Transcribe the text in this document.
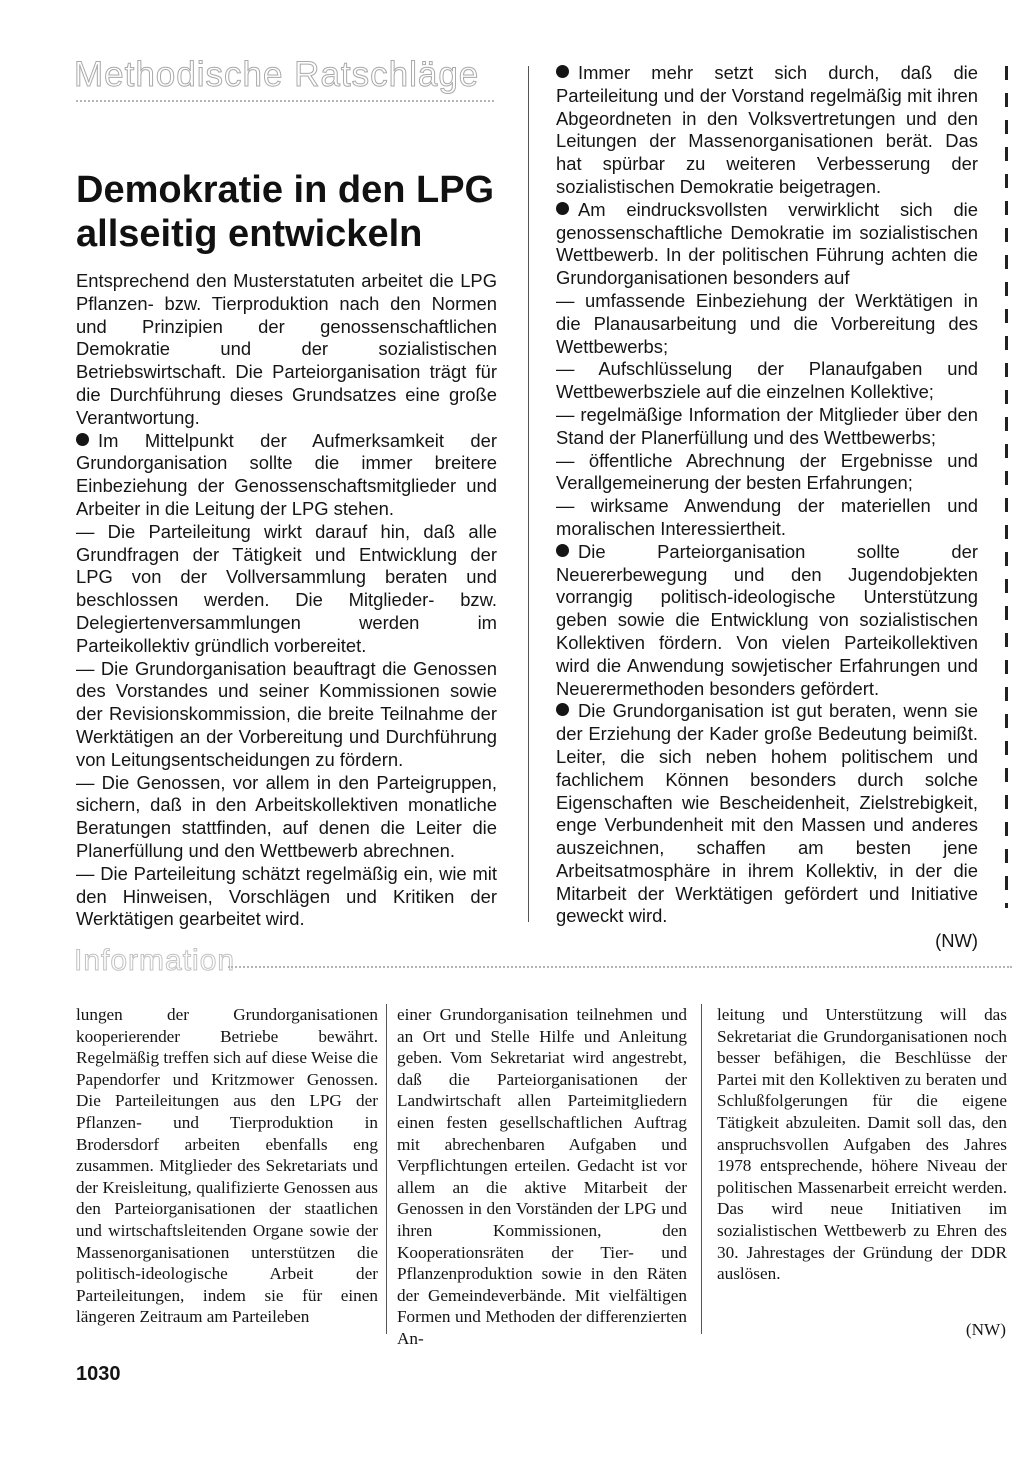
Methodische Ratschläge
Demokratie in den LPG
allseitig entwickeln

Entsprechend den Musterstatuten arbeitet die LPG Pflanzen- bzw. Tierproduktion nach den Normen und Prinzipien der genossenschaftlichen Demokratie und der sozialistischen Betriebswirtschaft. Die Parteiorganisation trägt für die Durchführung dieses Grundsatzes eine große Verantwortung.

Im Mittelpunkt der Aufmerksamkeit der Grundorganisation sollte die immer breitere Einbeziehung der Genossenschaftsmitglieder und Arbeiter in die Leitung der LPG stehen.

— Die Parteileitung wirkt darauf hin, daß alle Grundfragen der Tätigkeit und Entwicklung der LPG von der Vollversammlung beraten und beschlossen werden. Die Mitglieder- bzw. Delegiertenversammlungen werden im Parteikollektiv gründlich vorbereitet.

— Die Grundorganisation beauftragt die Genossen des Vorstandes und seiner Kommissionen sowie der Revisionskommission, die breite Teilnahme der Werktätigen an der Vorbereitung und Durchführung von Leitungsentscheidungen zu fördern.

— Die Genossen, vor allem in den Parteigruppen, sichern, daß in den Arbeitskollektiven monatliche Beratungen stattfinden, auf denen die Leiter die Planerfüllung und den Wettbewerb abrechnen.

— Die Parteileitung schätzt regelmäßig ein, wie mit den Hinweisen, Vorschlägen und Kritiken der Werktätigen gearbeitet wird.

Immer mehr setzt sich durch, daß die Parteileitung und der Vorstand regelmäßig mit ihren Abgeordneten in den Volksvertretungen und den Leitungen der Massenorganisationen berät. Das hat spürbar zu weiteren Verbesserung der sozialistischen Demokratie beigetragen.

Am eindrucksvollsten verwirklicht sich die genossenschaftliche Demokratie im sozialistischen Wettbewerb. In der politischen Führung achten die Grundorganisationen besonders auf

— umfassende Einbeziehung der Werktätigen in die Planausarbeitung und die Vorbereitung des Wettbewerbs;

— Aufschlüsselung der Planaufgaben und Wettbewerbsziele auf die einzelnen Kollektive;

— regelmäßige Information der Mitglieder über den Stand der Planerfüllung und des Wettbewerbs;

— öffentliche Abrechnung der Ergebnisse und Verallgemeinerung der besten Erfahrungen;

— wirksame Anwendung der materiellen und moralischen Interessiertheit.

Die Parteiorganisation sollte der Neuererbewegung und den Jugendobjekten vorrangig politisch-ideologische Unterstützung geben sowie die Entwicklung von sozialistischen Kollektiven fördern. Von vielen Parteikollektiven wird die Anwendung sowjetischer Erfahrungen und Neuerermethoden besonders gefördert.

Die Grundorganisation ist gut beraten, wenn sie der Erziehung der Kader große Bedeutung beimißt. Leiter, die sich neben hohem politischem und fachlichem Können besonders durch solche Eigenschaften wie Bescheidenheit, Zielstrebigkeit, enge Verbundenheit mit den Massen und anderes auszeichnen, schaffen am besten jene Arbeitsatmosphäre in ihrem Kollektiv, in der die Mitarbeit der Werktätigen gefördert und Initiative geweckt wird.

(NW)

Information

lungen der Grundorganisationen kooperierender Betriebe bewährt. Regelmäßig treffen sich auf diese Weise die Papendorfer und Kritzmower Genossen. Die Parteileitungen aus den LPG der Pflanzen- und Tierproduktion in Brodersdorf arbeiten ebenfalls eng zusammen. Mitglieder des Sekretariats und der Kreisleitung, qualifizierte Genossen aus den Parteiorganisationen der staatlichen und wirtschaftsleitenden Organe sowie der Massenorganisationen unterstützen die politisch-ideologische Arbeit der Parteileitungen, indem sie für einen längeren Zeitraum am Parteileben

einer Grundorganisation teilnehmen und an Ort und Stelle Hilfe und Anleitung geben. Vom Sekretariat wird angestrebt, daß die Parteiorganisationen der Landwirtschaft allen Parteimitgliedern einen festen gesellschaftlichen Auftrag mit abrechenbaren Aufgaben und Verpflichtungen erteilen. Gedacht ist vor allem an die aktive Mitarbeit der Genossen in den Vorständen der LPG und ihren Kommissionen, den Kooperationsräten der Tier- und Pflanzenproduktion sowie in den Räten der Gemeindeverbände. Mit vielfältigen Formen und Methoden der differenzierten An-

leitung und Unterstützung will das Sekretariat die Grundorganisationen noch besser befähigen, die Beschlüsse der Partei mit den Kollektiven zu beraten und Schlußfolgerungen für die eigene Tätigkeit abzuleiten. Damit soll das, den anspruchsvollen Aufgaben des Jahres 1978 entsprechende, höhere Niveau der politischen Massenarbeit erreicht werden. Das wird neue Initiativen im sozialistischen Wettbewerb zu Ehren des 30. Jahrestages der Gründung der DDR auslösen.

(NW)
1030
